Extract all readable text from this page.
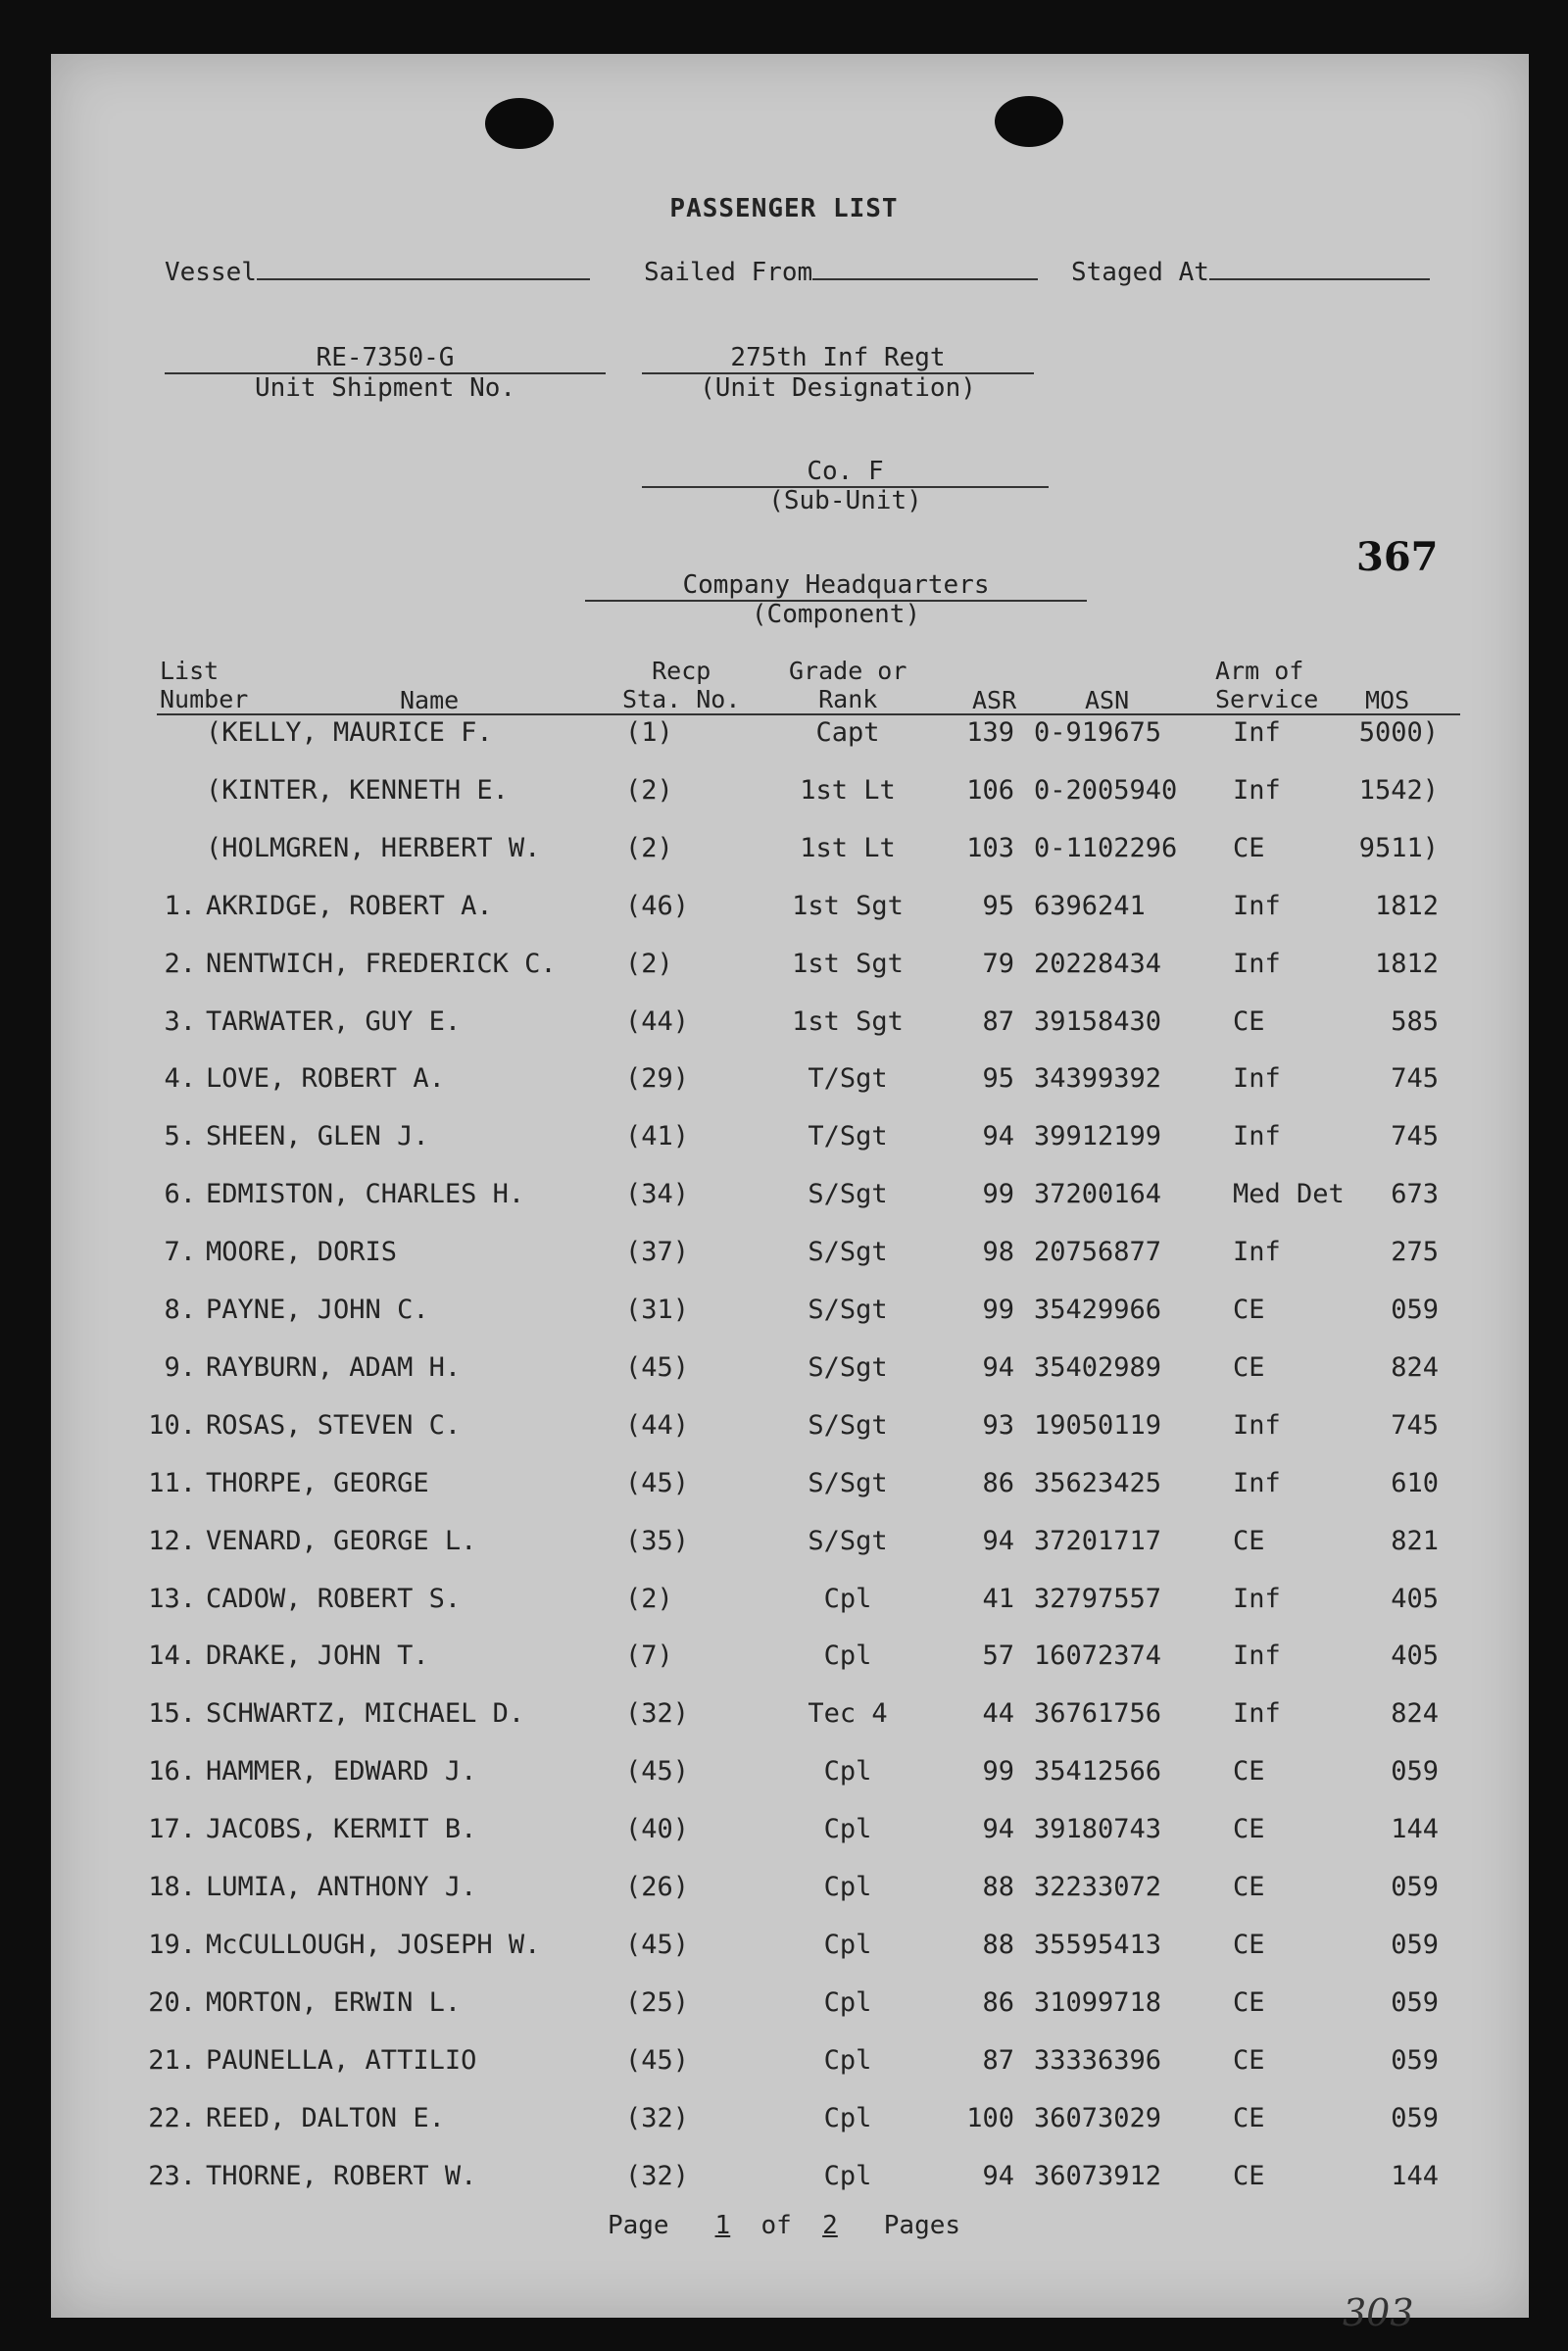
PASSENGER LIST
Vessel	Sailed From	Staged At
RE-7350-G
Unit Shipment No.
275th Inf Regt
(Unit Designation)
Co. F
(Sub-Unit)
367
Company Headquarters
(Component)
List
Number	Name
Recp
Sta. No.
Grade or
Rank	ASR	ASN
Arm of
Service MOS
(KELLY, MAURICE F.	(1)	Capt	139 0-919675	Inf	5000)
(KINTER, KENNETH E.	(2)	1st Lt	106 0-2005940 Inf	1542)
(HOLMGREN, HERBERT W.	(2)	1st Lt	103 0-1102296 CE	9511)
1. AKRIDGE, ROBERT A.	(46)	1st Sgt	95 6396241	Inf	1812
2. NENTWICH, FREDERICK C.	(2)	1st Sgt	79 20228434	Inf	1812
3. TARWATER, GUY E.	(44)	1st Sgt	87 39158430	CE	585
4. LOVE, ROBERT A.	(29)	T/Sgt	95 34399392	Inf	745
5. SHEEN, GLEN J.	(41)	T/Sgt	94 39912199	Inf	745
6. EDMISTON, CHARLES H.	(34)	S/Sgt	99 37200164	Med Det	673
7. MOORE, DORIS	(37)	S/Sgt	98 20756877	Inf	275
8. PAYNE, JOHN C.	(31)	S/Sgt	99 35429966	CE	059
9. RAYBURN, ADAM H.	(45)	S/Sgt	94 35402989	CE	824
10. ROSAS, STEVEN C.	(44)	S/Sgt	93 19050119	Inf	745
11. THORPE, GEORGE	(45)	S/Sgt	86 35623425	Inf	610
12. VENARD, GEORGE L.	(35)	S/Sgt	94 37201717	CE	821
13. CADOW, ROBERT S.	(2)	Cpl	41 32797557	Inf	405
14. DRAKE, JOHN T.	(7)	Cpl	57 16072374	Inf	405
15. SCHWARTZ, MICHAEL D.	(32)	Tec 4	44 36761756	Inf	824
16. HAMMER, EDWARD J.	(45)	Cpl	99 35412566	CE	059
17. JACOBS, KERMIT B.	(40)	Cpl	94 39180743	CE	144
18. LUMIA, ANTHONY J.	(26)	Cpl	88 32233072	CE	059
19. McCULLOUGH, JOSEPH W.	(45)	Cpl	88 35595413	CE	059
20. MORTON, ERWIN L.	(25)	Cpl	86 31099718	CE	059
21. PAUNELLA, ATTILIO	(45)	Cpl	87 33336396	CE	059
22. REED, DALTON E.	(32)	Cpl	100 36073029	CE	059
23. THORNE, ROBERT W.	(32)	Cpl	94 36073912	CE	144
Page 1 of 2 Pages
303
